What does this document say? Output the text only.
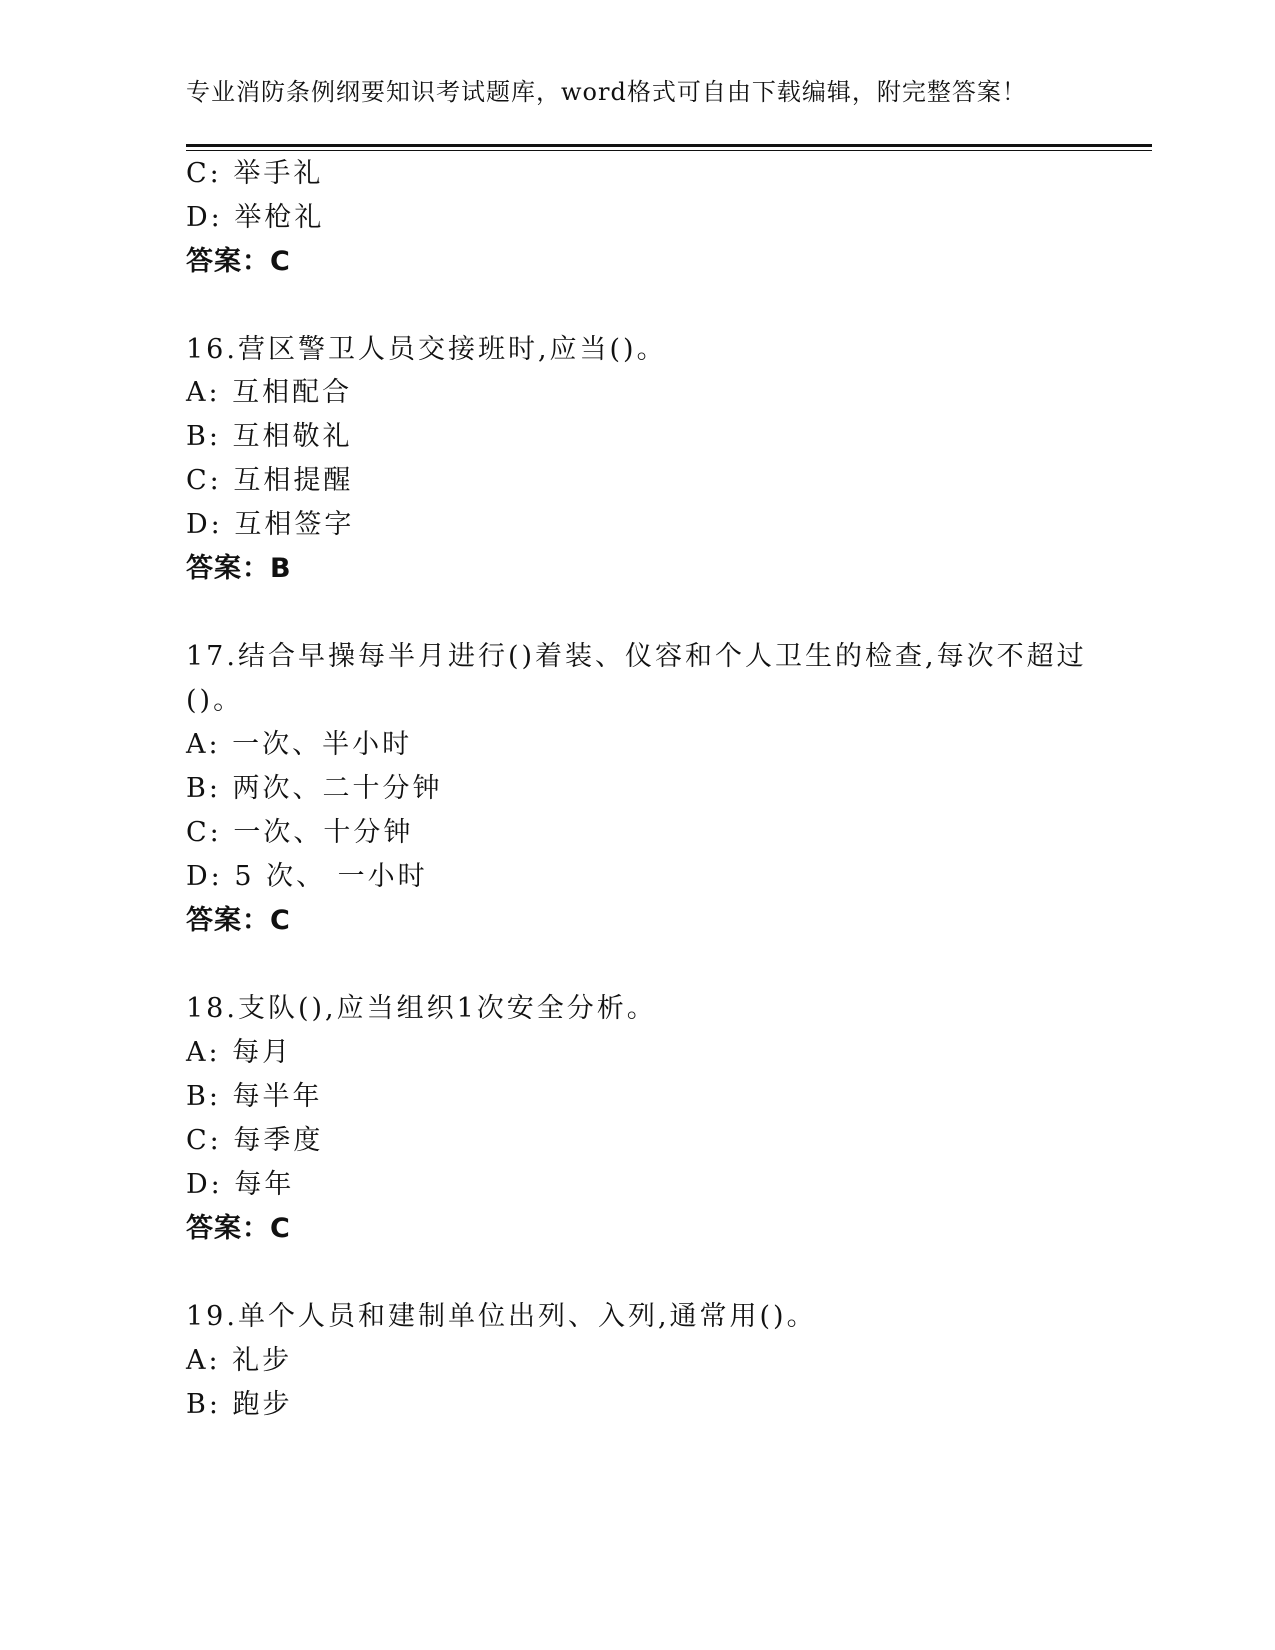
专业消防条例纲要知识考试题库，word格式可自由下载编辑，附完整答案！
C: 举手礼
D: 举枪礼
答案：C
16.营区警卫人员交接班时,应当()。
A: 互相配合
B: 互相敬礼
C: 互相提醒
D: 互相签字
答案：B
17.结合早操每半月进行()着装、仪容和个人卫生的检查,每次不超过
()。
A: 一次、半小时
B: 两次、二十分钟
C: 一次、十分钟
D: 5 次、 一小时
答案：C
18.支队(),应当组织1次安全分析。
A: 每月
B: 每半年
C: 每季度
D: 每年
答案：C
19.单个人员和建制单位出列、入列,通常用()。
A: 礼步
B: 跑步
